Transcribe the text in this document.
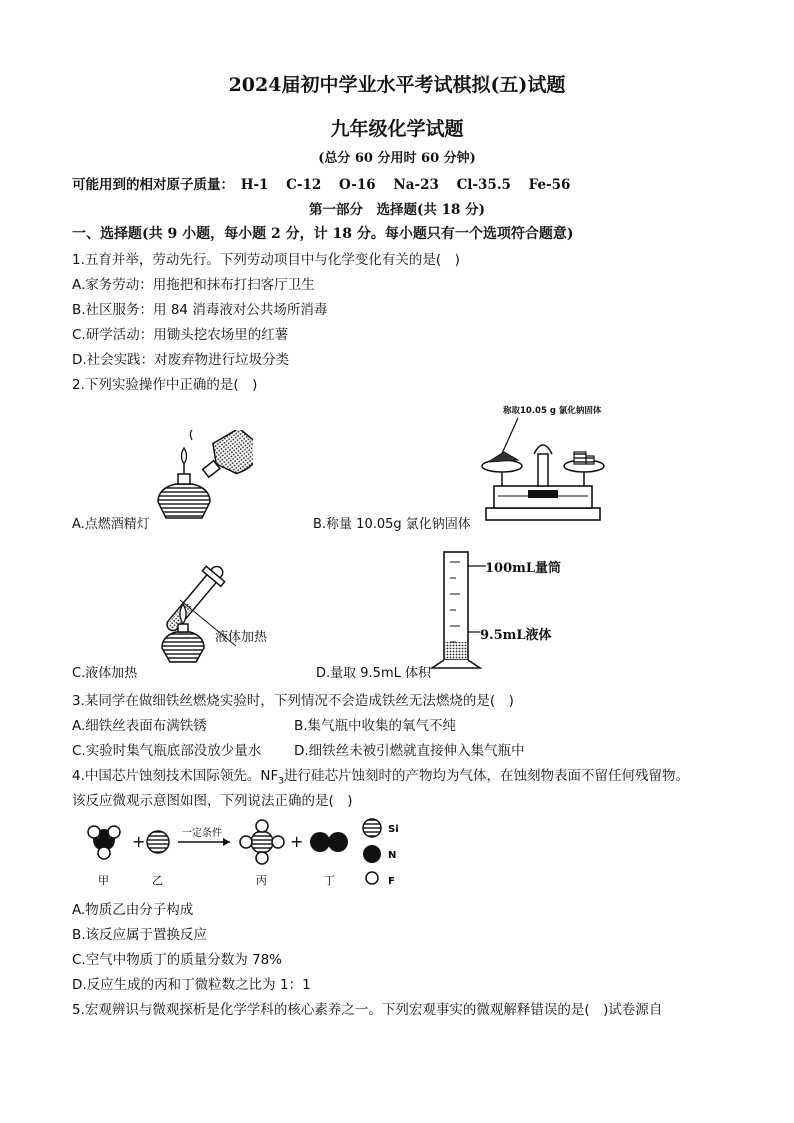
2024届初中学业水平考试棋拟(五)试题
九年级化学试题
(总分 60 分用时 60 分钟)
可能用到的相对原子质量： H-1 C-12 O-16 Na-23 Cl-35.5 Fe-56
第一部分　选择题(共 18 分)
一、选择题(共 9 小题，每小题 2 分，计 18 分。每小题只有一个选项符合题意)
1.五育并举，劳动先行。下列劳动项目中与化学变化有关的是(　)
A.家务劳动：用拖把和抹布打扫客厅卫生
B.社区服务：用 84 消毒液对公共场所消毒
C.研学活动：用锄头挖农场里的红薯
D.社会实践：对废弃物进行垃圾分类
2.下列实验操作中正确的是(　)
A.点燃酒精灯
称取10.05 g 氯化钠固体
B.称量 10.05g 氯化钠固体
液体加热
C.液体加热
100mL量筒
9.5mL液体
D.量取 9.5mL 体积
3.某同学在做细铁丝燃烧实验时，下列情况不会造成铁丝无法燃烧的是(　)
A.细铁丝表面布满铁锈	B.集气瓶中收集的氧气不纯
C.实验时集气瓶底部没放少量水 D.细铁丝未被引燃就直接伸入集气瓶中
4.中国芯片蚀刻技术国际领先。$NF_3$进行硅芯片蚀刻时的产物均为气体，在蚀刻物表面不留任何残留物。
该反应微观示意图如图，下列说法正确的是(　)
+	一定条件	+
Si
N
F
甲	乙	丙	丁
A.物质乙由分子构成
B.该反应属于置换反应
C.空气中物质丁的质量分数为 78%
D.反应生成的丙和丁微粒数之比为 1：1
5.宏观辨识与微观探析是化学学科的核心素养之一。下列宏观事实的微观解释错误的是(　)试卷源自
